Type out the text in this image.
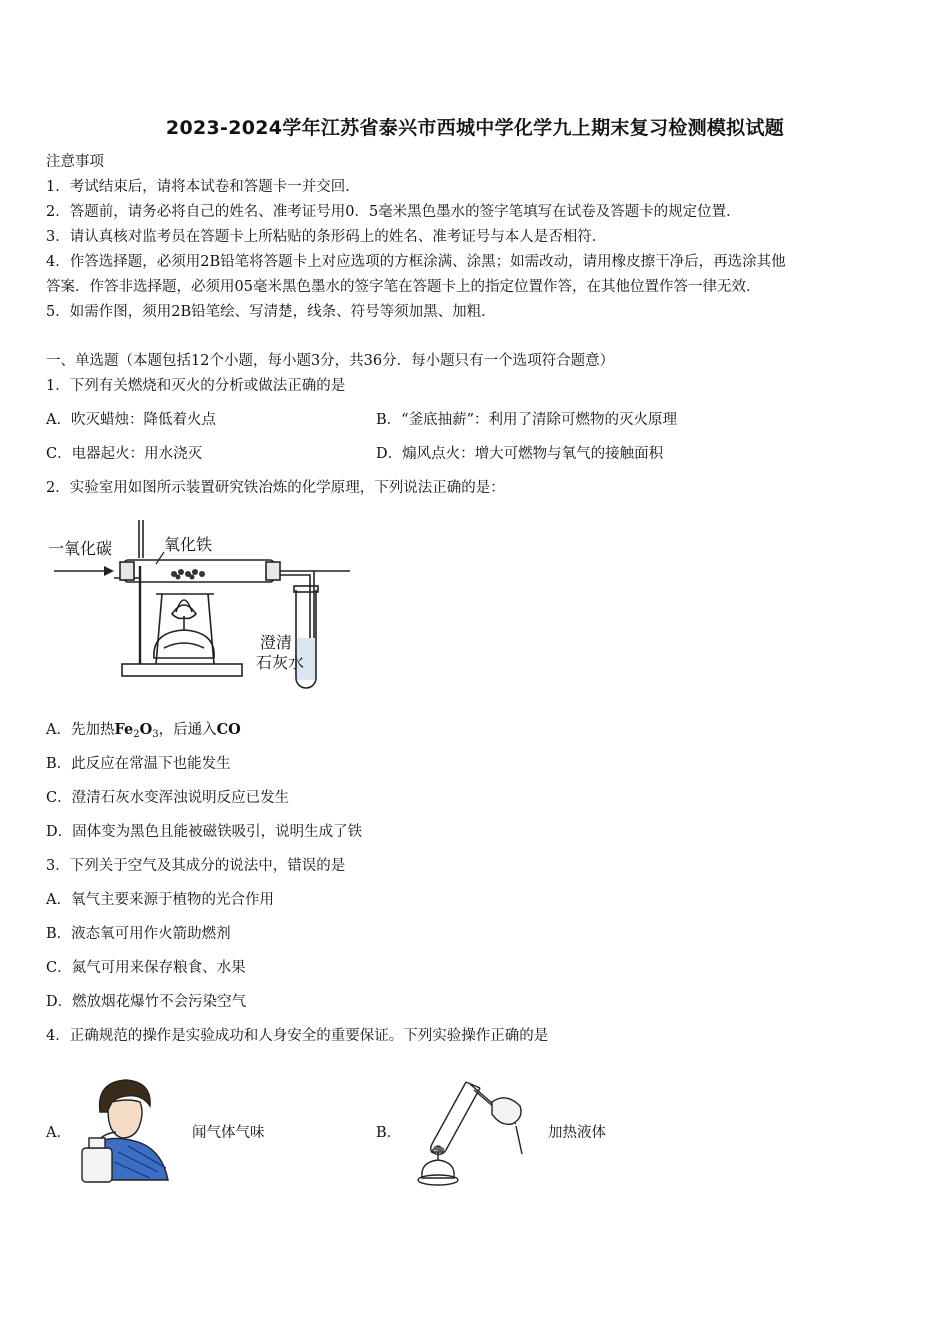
2023-2024学年江苏省泰兴市西城中学化学九上期末复习检测模拟试题
注意事项
1．考试结束后，请将本试卷和答题卡一并交回．
2．答题前，请务必将自己的姓名、准考证号用0．5毫米黑色墨水的签字笔填写在试卷及答题卡的规定位置．
3．请认真核对监考员在答题卡上所粘贴的条形码上的姓名、准考证号与本人是否相符．
4．作答选择题，必须用2B铅笔将答题卡上对应选项的方框涂满、涂黑；如需改动，请用橡皮擦干净后，再选涂其他
答案．作答非选择题，必须用05毫米黑色墨水的签字笔在答题卡上的指定位置作答，在其他位置作答一律无效．
5．如需作图，须用2B铅笔绘、写清楚，线条、符号等须加黑、加粗．
一、单选题（本题包括12个小题，每小题3分，共36分．每小题只有一个选项符合题意）
1．下列有关燃烧和灭火的分析或做法正确的是
A．吹灭蜡烛：降低着火点	B．“釜底抽薪”：利用了清除可燃物的灭火原理
C．电器起火：用水浇灭	D．煽风点火：增大可燃物与氧气的接触面积
2．实验室用如图所示装置研究铁冶炼的化学原理，下列说法正确的是：
一氧化碳	氧化铁
澄清
石灰水
A．先加热$Fe_2O_3$，后通入CO
B．此反应在常温下也能发生
C．澄清石灰水变浑浊说明反应已发生
D．固体变为黑色且能被磁铁吸引，说明生成了铁
3．下列关于空气及其成分的说法中，错误的是
A．氧气主要来源于植物的光合作用
B．液态氧可用作火箭助燃剂
C．氮气可用来保存粮食、水果
D．燃放烟花爆竹不会污染空气
4．正确规范的操作是实验成功和人身安全的重要保证。下列实验操作正确的是
A．	闻气体气味	B．	加热液体
